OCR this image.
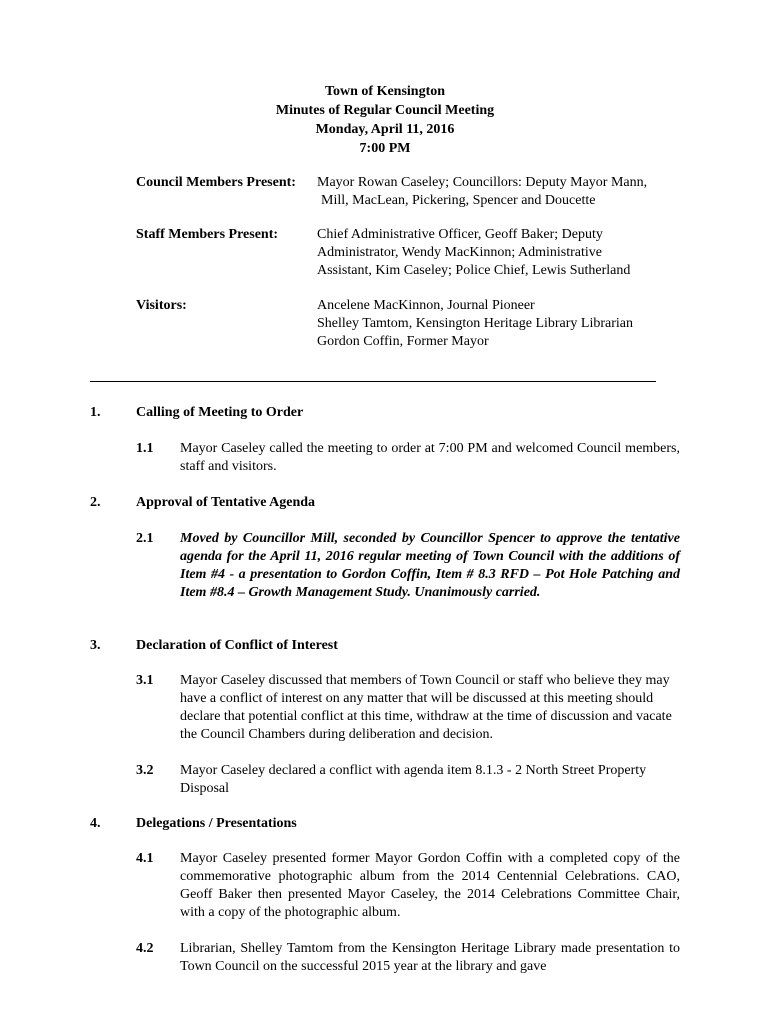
Town of Kensington
Minutes of Regular Council Meeting
Monday, April 11, 2016
7:00 PM
Council Members Present: Mayor Rowan Caseley; Councillors: Deputy Mayor Mann,
Mill, MacLean, Pickering, Spencer and Doucette
Staff Members Present:	Chief Administrative Officer, Geoff Baker; Deputy
Administrator, Wendy MacKinnon; Administrative
Assistant, Kim Caseley; Police Chief, Lewis Sutherland
Visitors:	Ancelene MacKinnon, Journal Pioneer
Shelley Tamtom, Kensington Heritage Library Librarian
Gordon Coffin, Former Mayor
1.	Calling of Meeting to Order
1.1 Mayor Caseley called the meeting to order at 7:00 PM and welcomed Council members, staff and visitors.
2.	Approval of Tentative Agenda
2.1 Moved by Councillor Mill, seconded by Councillor Spencer to approve the tentative agenda for the April 11, 2016 regular meeting of Town Council with the additions of Item #4 - a presentation to Gordon Coffin, Item # 8.3 RFD – Pot Hole Patching and Item #8.4 – Growth Management Study. Unanimously carried.
3.	Declaration of Conflict of Interest
3.1 Mayor Caseley discussed that members of Town Council or staff who believe they may have a conflict of interest on any matter that will be discussed at this meeting should declare that potential conflict at this time, withdraw at the time of discussion and vacate the Council Chambers during deliberation and decision.
3.2 Mayor Caseley declared a conflict with agenda item 8.1.3 - 2 North Street Property Disposal
4.	Delegations / Presentations
4.1 Mayor Caseley presented former Mayor Gordon Coffin with a completed copy of the commemorative photographic album from the 2014 Centennial Celebrations. CAO, Geoff Baker then presented Mayor Caseley, the 2014 Celebrations Committee Chair, with a copy of the photographic album.
4.2 Librarian, Shelley Tamtom from the Kensington Heritage Library made presentation to Town Council on the successful 2015 year at the library and gave
